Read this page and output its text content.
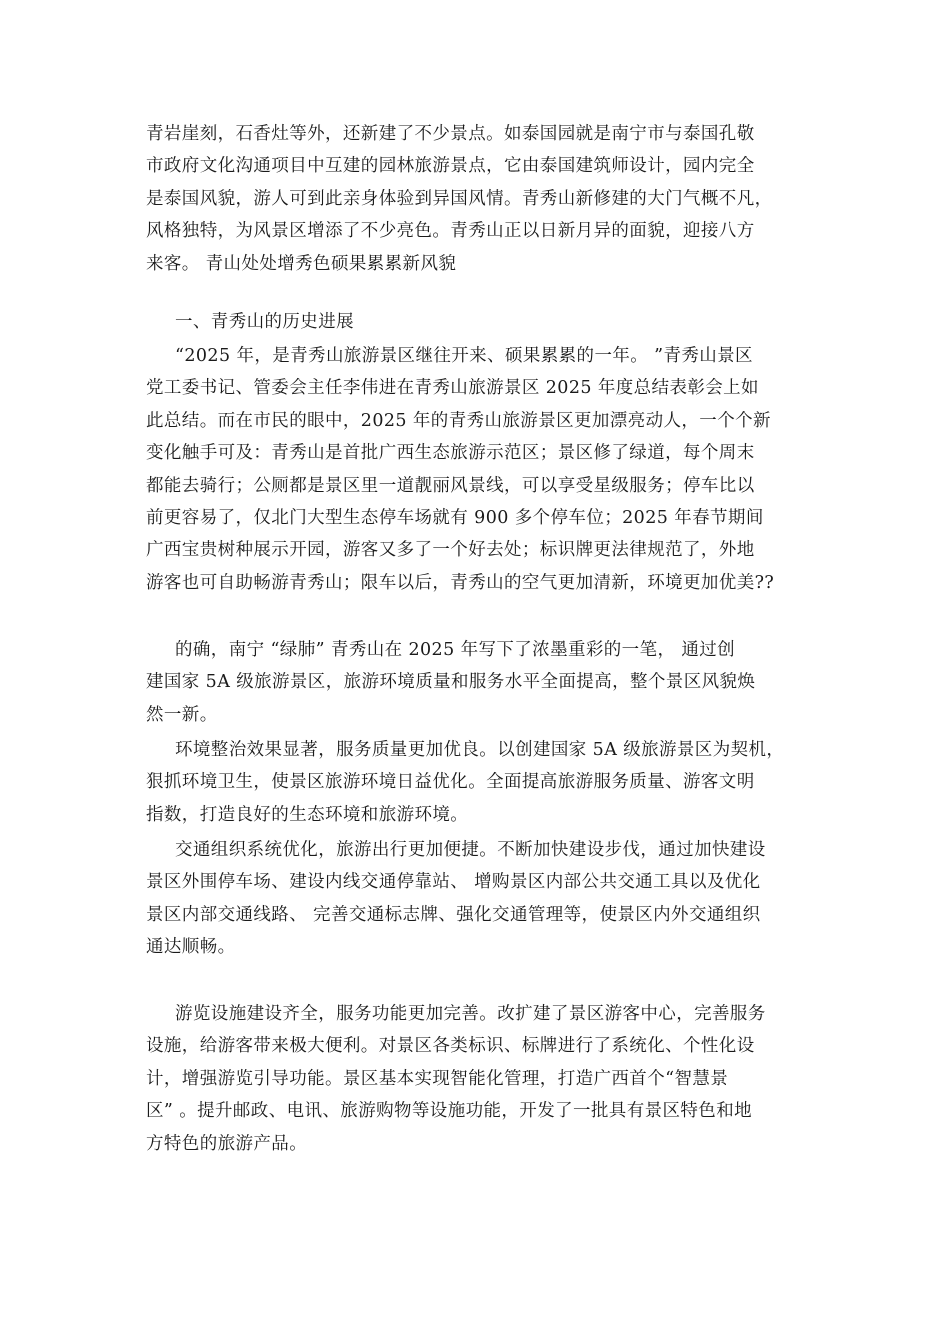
青岩崖刻，石香灶等外，还新建了不少景点。如泰国园就是南宁市与泰国孔敬
市政府文化沟通项目中互建的园林旅游景点，它由泰国建筑师设计，园内完全
是泰国风貌，游人可到此亲身体验到异国风情。青秀山新修建的大门气概不凡，
风格独特，为风景区增添了不少亮色。青秀山正以日新月异的面貌，迎接八方
来客。 青山处处增秀色硕果累累新风貌
一、青秀山的历史进展
“2025 年，是青秀山旅游景区继往开来、硕果累累的一年。 ”青秀山景区
党工委书记、管委会主任李伟进在青秀山旅游景区 2025 年度总结表彰会上如
此总结。而在市民的眼中，2025 年的青秀山旅游景区更加漂亮动人，一个个新
变化触手可及：青秀山是首批广西生态旅游示范区；景区修了绿道，每个周末
都能去骑行；公厕都是景区里一道靓丽风景线，可以享受星级服务；停车比以
前更容易了，仅北门大型生态停车场就有 900 多个停车位；2025 年春节期间
广西宝贵树种展示开园，游客又多了一个好去处；标识牌更法律规范了，外地
游客也可自助畅游青秀山；限车以后，青秀山的空气更加清新，环境更加优美??
的确，南宁 “绿肺” 青秀山在 2025 年写下了浓墨重彩的一笔， 通过创
建国家 5A 级旅游景区，旅游环境质量和服务水平全面提高，整个景区风貌焕
然一新。
环境整治效果显著，服务质量更加优良。以创建国家 5A 级旅游景区为契机，
狠抓环境卫生，使景区旅游环境日益优化。全面提高旅游服务质量、游客文明
指数，打造良好的生态环境和旅游环境。
交通组织系统优化，旅游出行更加便捷。不断加快建设步伐，通过加快建设
景区外围停车场、建设内线交通停靠站、 增购景区内部公共交通工具以及优化
景区内部交通线路、 完善交通标志牌、强化交通管理等，使景区内外交通组织
通达顺畅。
游览设施建设齐全，服务功能更加完善。改扩建了景区游客中心，完善服务
设施，给游客带来极大便利。对景区各类标识、标牌进行了系统化、个性化设
计，增强游览引导功能。景区基本实现智能化管理，打造广西首个“智慧景
区” 。提升邮政、电讯、旅游购物等设施功能，开发了一批具有景区特色和地
方特色的旅游产品。
